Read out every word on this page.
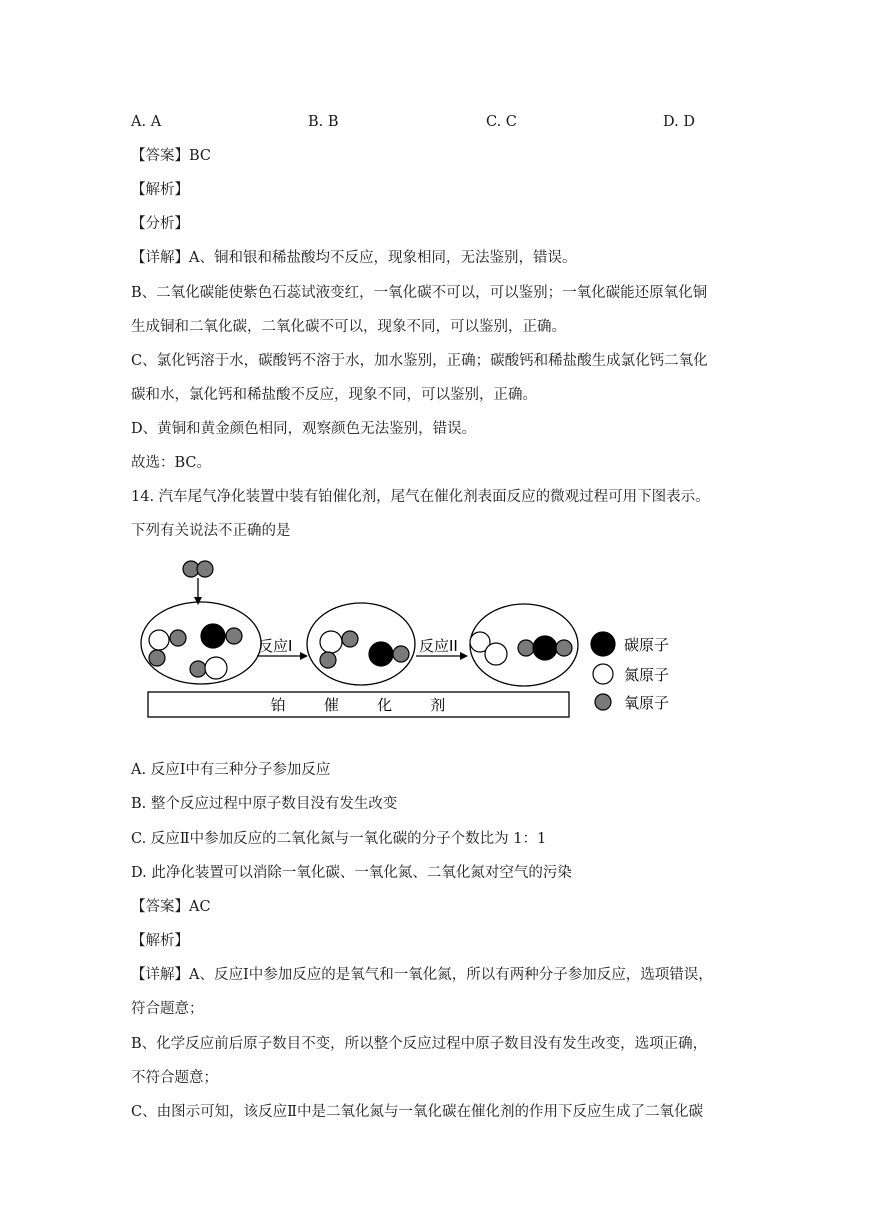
A. A	B. B	C. C	D. D
【答案】BC
【解析】
【分析】
【详解】A、铜和银和稀盐酸均不反应，现象相同，无法鉴别，错误。
B、二氧化碳能使紫色石蕊试液变红，一氧化碳不可以，可以鉴别；一氧化碳能还原氧化铜
生成铜和二氧化碳，二氧化碳不可以，现象不同，可以鉴别，正确。
C、氯化钙溶于水，碳酸钙不溶于水，加水鉴别，正确；碳酸钙和稀盐酸生成氯化钙二氧化
碳和水，氯化钙和稀盐酸不反应，现象不同，可以鉴别，正确。
D、黄铜和黄金颜色相同，观察颜色无法鉴别，错误。
故选：BC。
14. 汽车尾气净化装置中装有铂催化剂，尾气在催化剂表面反应的微观过程可用下图表示。
下列有关说法不正确的是
反应I	反应II
铂        催        化        剂
碳原子
氮原子
氧原子
A. 反应Ⅰ中有三种分子参加反应
B. 整个反应过程中原子数目没有发生改变
C. 反应Ⅱ中参加反应的二氧化氮与一氧化碳的分子个数比为 1：1
D. 此净化装置可以消除一氧化碳、一氧化氮、二氧化氮对空气的污染
【答案】AC
【解析】
【详解】A、反应Ⅰ中参加反应的是氧气和一氧化氮，所以有两种分子参加反应，选项错误，
符合题意；
B、化学反应前后原子数目不变，所以整个反应过程中原子数目没有发生改变，选项正确，
不符合题意；
C、由图示可知，该反应Ⅱ中是二氧化氮与一氧化碳在催化剂的作用下反应生成了二氧化碳
